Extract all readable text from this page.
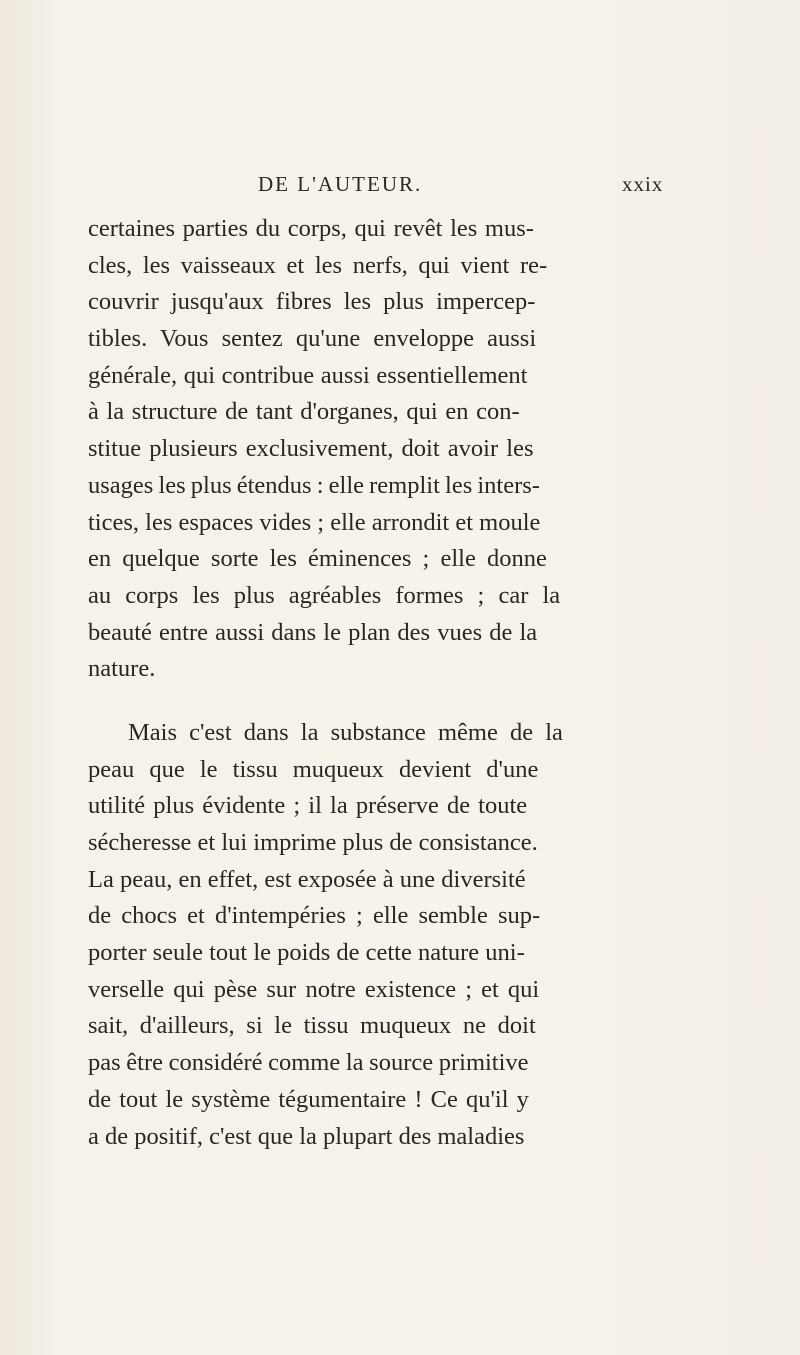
DE L'AUTEUR.	xxix
certaines parties du corps, qui revêt les mus-
cles, les vaisseaux et les nerfs, qui vient re-
couvrir jusqu'aux fibres les plus impercep-
tibles. Vous sentez qu'une enveloppe aussi
générale, qui contribue aussi essentiellement
à la structure de tant d'organes, qui en con-
stitue plusieurs exclusivement, doit avoir les
usages les plus étendus : elle remplit les inters-
tices, les espaces vides ; elle arrondit et moule
en quelque sorte les éminences ; elle donne
au corps les plus agréables formes ; car la
beauté entre aussi dans le plan des vues de la
nature.
Mais c'est dans la substance même de la
peau que le tissu muqueux devient d'une
utilité plus évidente ; il la préserve de toute
sécheresse et lui imprime plus de consistance.
La peau, en effet, est exposée à une diversité
de chocs et d'intempéries ; elle semble sup-
porter seule tout le poids de cette nature uni-
verselle qui pèse sur notre existence ; et qui
sait, d'ailleurs, si le tissu muqueux ne doit
pas être considéré comme la source primitive
de tout le système tégumentaire ! Ce qu'il y
a de positif, c'est que la plupart des maladies
